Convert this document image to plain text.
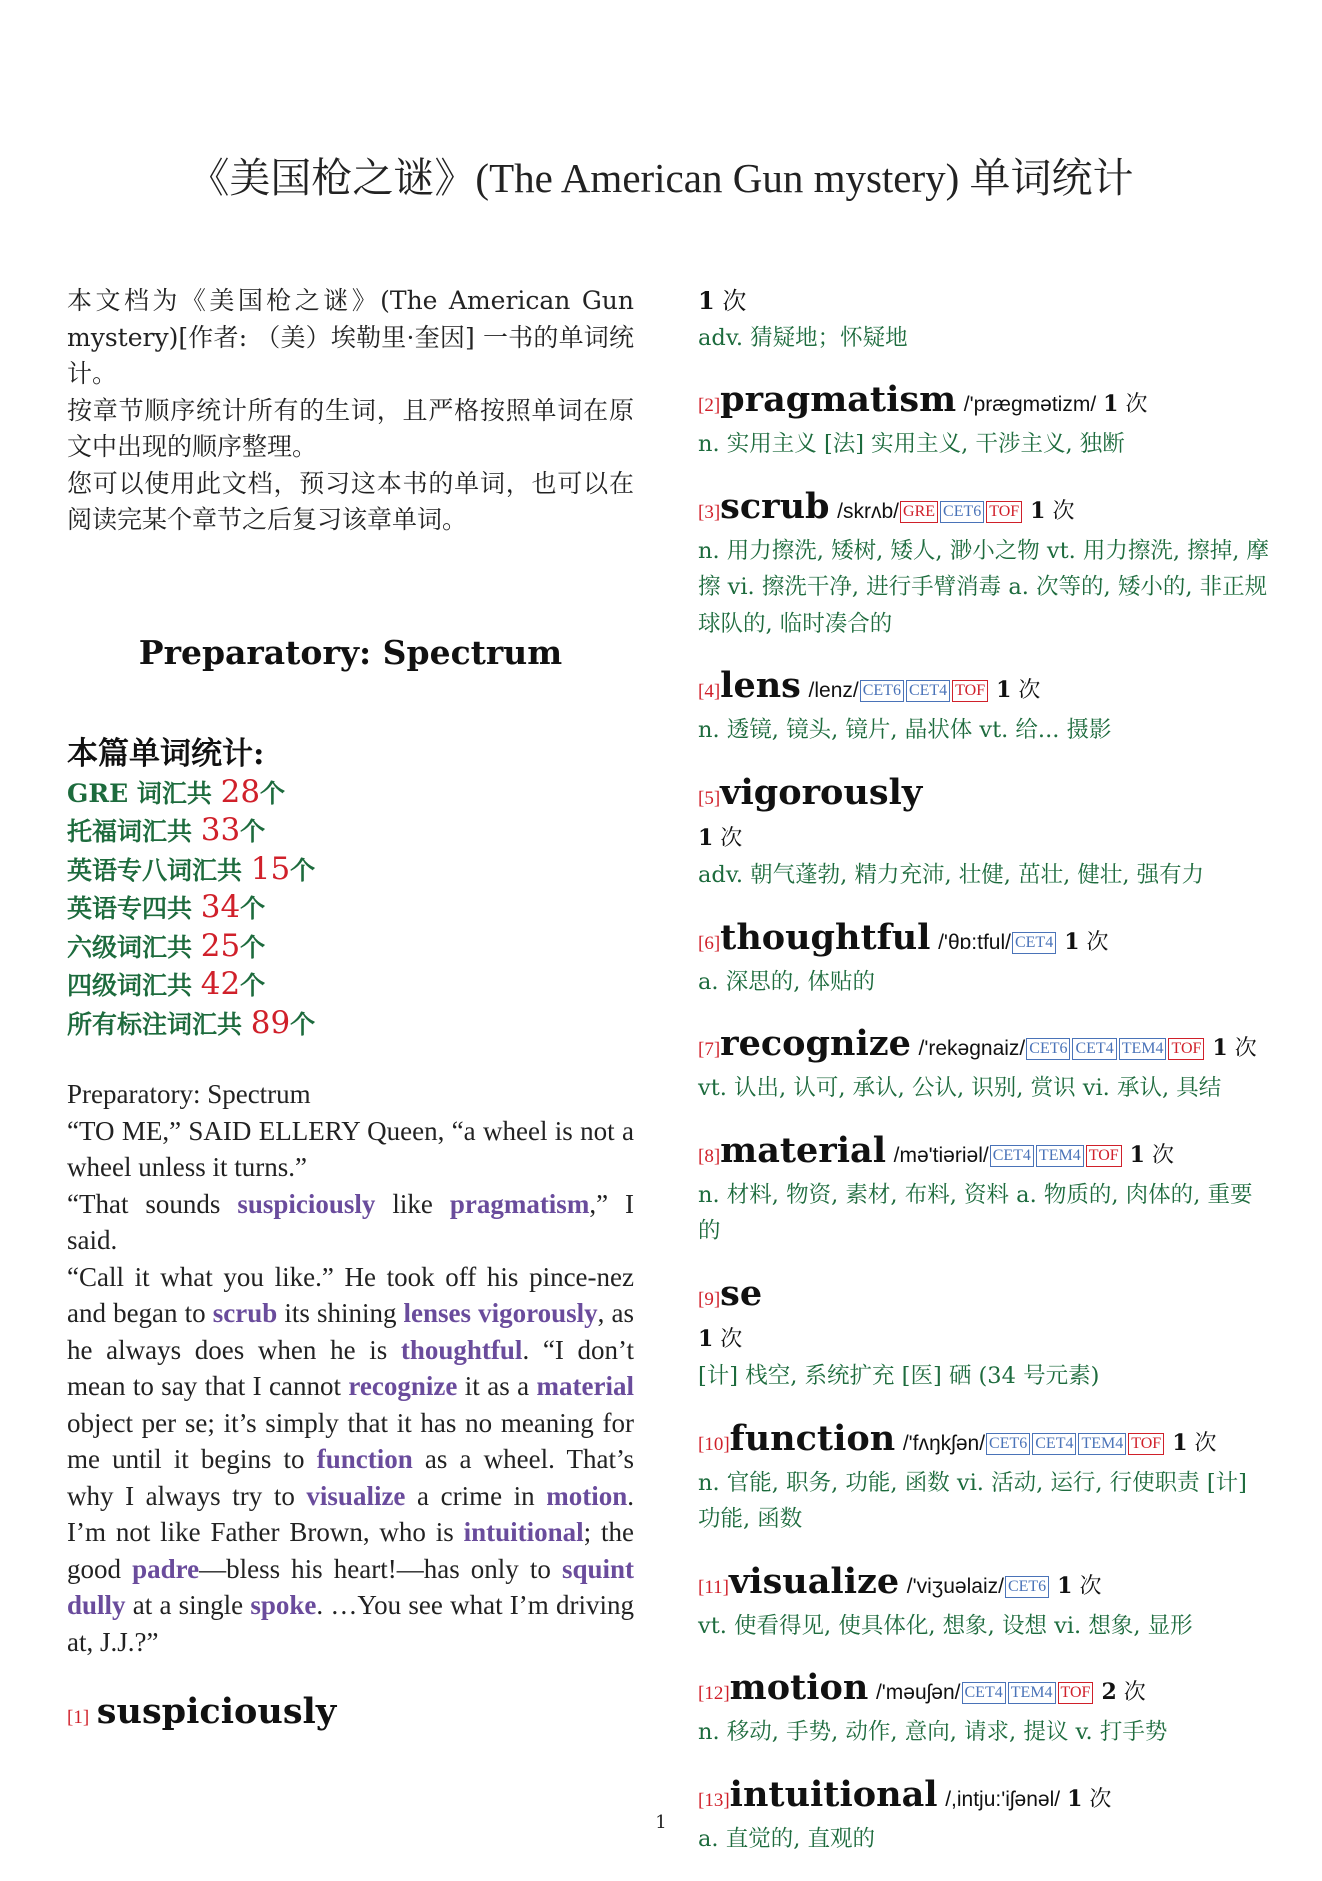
《美国枪之谜》(The American Gun mystery) 单词统计

本文档为《美国枪之谜》(The American Gun mystery)[作者: （美）埃勒里·奎因] 一书的单词统计。

按章节顺序统计所有的生词，且严格按照单词在原文中出现的顺序整理。

您可以使用此文档，预习这本书的单词，也可以在阅读完某个章节之后复习该章单词。

Preparatory: Spectrum
本篇单词统计:
GRE 词汇共 28个
托福词汇共 33个
英语专八词汇共 15个
英语专四共 34个
六级词汇共 25个
四级词汇共 42个
所有标注词汇共 89个

Preparatory: Spectrum

“TO ME,” SAID ELLERY Queen, “a wheel is not a wheel unless it turns.”

“That sounds suspiciously like pragmatism,” I said.

“Call it what you like.” He took off his pince-nez and began to scrub its shining lenses vigorously, as he always does when he is thoughtful. “I don’t mean to say that I cannot recognize it as a material object per se; it’s simply that it has no meaning for me until it begins to function as a wheel. That’s why I always try to visualize a crime in motion. I’m not like Father Brown, who is intuitional; the good padre—bless his heart!—has only to squint dully at a single spoke. …You see what I’m driving at, J.J.?”

[1] suspiciously
1 次
adv. 猜疑地；怀疑地
[2]pragmatism /'prægmətizm/ 1 次
n. 实用主义 [法] 实用主义, 干涉主义, 独断
[3]scrub /skrʌb/ GRE CET6 TOF 1 次
n. 用力擦洗, 矮树, 矮人, 渺小之物 vt. 用力擦洗, 擦掉, 摩擦 vi. 擦洗干净, 进行手臂消毒 a. 次等的, 矮小的, 非正规球队的, 临时凑合的
[4]lens /lenz/ CET6 CET4 TOF 1 次
n. 透镜, 镜头, 镜片, 晶状体 vt. 给... 摄影
[5]vigorously
1 次
adv. 朝气蓬勃, 精力充沛, 壮健, 茁壮, 健壮, 强有力
[6]thoughtful /'θɒ:tful/ CET4 1 次
a. 深思的, 体贴的
[7]recognize /'rekəgnaiz/ CET6 CET4 TEM4 TOF 1 次
vt. 认出, 认可, 承认, 公认, 识别, 赏识 vi. 承认, 具结
[8]material /mə'tiəriəl/ CET4 TEM4 TOF 1 次
n. 材料, 物资, 素材, 布料, 资料 a. 物质的, 肉体的, 重要的
[9]se
1 次
[计] 栈空, 系统扩充 [医] 硒 (34 号元素)
[10]function /'fʌŋkʃən/ CET6 CET4 TEM4 TOF 1 次
n. 官能, 职务, 功能, 函数 vi. 活动, 运行, 行使职责 [计] 功能, 函数
[11]visualize /'viʒuəlaiz/ CET6 1 次
vt. 使看得见, 使具体化, 想象, 设想 vi. 想象, 显形
[12]motion /'məuʃən/ CET4 TEM4 TOF 2 次
n. 移动, 手势, 动作, 意向, 请求, 提议 v. 打手势
[13]intuitional /,intju:'iʃənəl/ 1 次
a. 直觉的, 直观的
1
